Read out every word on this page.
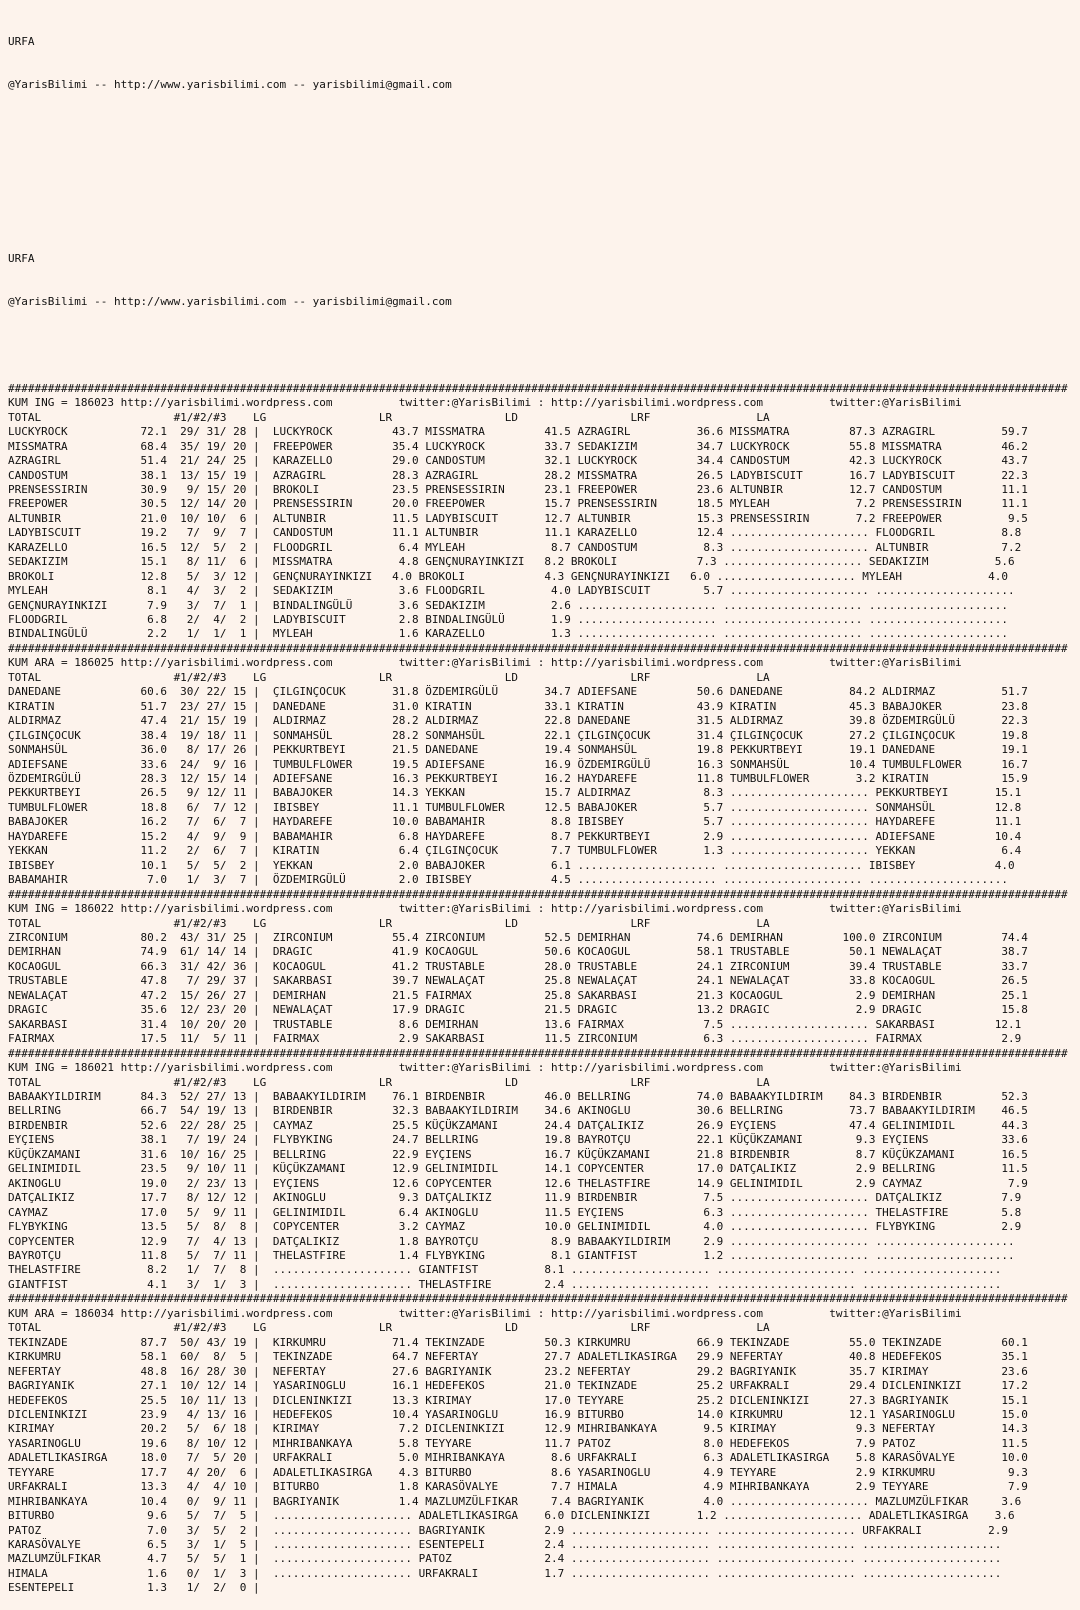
URFA

@YarisBilimi -- http://www.yarisbilimi.com -- yarisbilimi@gmail.com

URFA

@YarisBilimi -- http://www.yarisbilimi.com -- yarisbilimi@gmail.com

################################################################################################################################################################
KUM ING = 186023 http://yarisbilimi.wordpress.com          twitter:@YarisBilimi : http://yarisbilimi.wordpress.com          twitter:@YarisBilimi
TOTAL                    #1/#2/#3    LG                 LR                 LD                 LRF                LA
LUCKYROCK           72.1  29/ 31/ 28 |  LUCKYROCK         43.7 MISSMATRA         41.5 AZRAGIRL          36.6 MISSMATRA         87.3 AZRAGIRL          59.7
MISSMATRA           68.4  35/ 19/ 20 |  FREEPOWER         35.4 LUCKYROCK         33.7 SEDAKIZIM         34.7 LUCKYROCK         55.8 MISSMATRA         46.2
AZRAGIRL            51.4  21/ 24/ 25 |  KARAZELLO         29.0 CANDOSTUM         32.1 LUCKYROCK         34.4 CANDOSTUM         42.3 LUCKYROCK         43.7
CANDOSTUM           38.1  13/ 15/ 19 |  AZRAGIRL          28.3 AZRAGIRL          28.2 MISSMATRA         26.5 LADYBISCUIT       16.7 LADYBISCUIT       22.3
PRENSESSIRIN        30.9   9/ 15/ 20 |  BROKOLI           23.5 PRENSESSIRIN      23.1 FREEPOWER         23.6 ALTUNBIR          12.7 CANDOSTUM         11.1
FREEPOWER           30.5  12/ 14/ 20 |  PRENSESSIRIN      20.0 FREEPOWER         15.7 PRENSESSIRIN      18.5 MYLEAH             7.2 PRENSESSIRIN      11.1
ALTUNBIR            21.0  10/ 10/  6 |  ALTUNBIR          11.5 LADYBISCUIT       12.7 ALTUNBIR          15.3 PRENSESSIRIN       7.2 FREEPOWER          9.5
LADYBISCUIT         19.2   7/  9/  7 |  CANDOSTUM         11.1 ALTUNBIR          11.1 KARAZELLO         12.4 ..................... FLOODGRIL          8.8
KARAZELLO           16.5  12/  5/  2 |  FLOODGRIL          6.4 MYLEAH             8.7 CANDOSTUM          8.3 ..................... ALTUNBIR           7.2
SEDAKIZIM           15.1   8/ 11/  6 |  MISSMATRA          4.8 GENÇNURAYINKIZI   8.2 BROKOLI            7.3 ..................... SEDAKIZIM          5.6
BROKOLI             12.8   5/  3/ 12 |  GENÇNURAYINKIZI   4.0 BROKOLI            4.3 GENÇNURAYINKIZI   6.0 ..................... MYLEAH             4.0
MYLEAH               8.1   4/  3/  2 |  SEDAKIZIM          3.6 FLOODGRIL          4.0 LADYBISCUIT        5.7 ..................... .....................
GENÇNURAYINKIZI      7.9   3/  7/  1 |  BINDALINGÜLÜ       3.6 SEDAKIZIM          2.6 ..................... ..................... .....................
FLOODGRIL            6.8   2/  4/  2 |  LADYBISCUIT        2.8 BINDALINGÜLÜ       1.9 ..................... ..................... .....................
BINDALINGÜLÜ         2.2   1/  1/  1 |  MYLEAH             1.6 KARAZELLO          1.3 ..................... ..................... .....................
################################################################################################################################################################
KUM ARA = 186025 http://yarisbilimi.wordpress.com          twitter:@YarisBilimi : http://yarisbilimi.wordpress.com          twitter:@YarisBilimi
TOTAL                    #1/#2/#3    LG                 LR                 LD                 LRF                LA
DANEDANE            60.6  30/ 22/ 15 |  ÇILGINÇOCUK       31.8 ÖZDEMIRGÜLÜ       34.7 ADIEFSANE         50.6 DANEDANE          84.2 ALDIRMAZ          51.7
KIRATIN             51.7  23/ 27/ 15 |  DANEDANE          31.0 KIRATIN           33.1 KIRATIN           43.9 KIRATIN           45.3 BABAJOKER         23.8
ALDIRMAZ            47.4  21/ 15/ 19 |  ALDIRMAZ          28.2 ALDIRMAZ          22.8 DANEDANE          31.5 ALDIRMAZ          39.8 ÖZDEMIRGÜLÜ       22.3
ÇILGINÇOCUK         38.4  19/ 18/ 11 |  SONMAHSÜL         28.2 SONMAHSÜL         22.1 ÇILGINÇOCUK       31.4 ÇILGINÇOCUK       27.2 ÇILGINÇOCUK       19.8
SONMAHSÜL           36.0   8/ 17/ 26 |  PEKKURTBEYI       21.5 DANEDANE          19.4 SONMAHSÜL         19.8 PEKKURTBEYI       19.1 DANEDANE          19.1
ADIEFSANE           33.6  24/  9/ 16 |  TUMBULFLOWER      19.5 ADIEFSANE         16.9 ÖZDEMIRGÜLÜ       16.3 SONMAHSÜL         10.4 TUMBULFLOWER      16.7
ÖZDEMIRGÜLÜ         28.3  12/ 15/ 14 |  ADIEFSANE         16.3 PEKKURTBEYI       16.2 HAYDAREFE         11.8 TUMBULFLOWER       3.2 KIRATIN           15.9
PEKKURTBEYI         26.5   9/ 12/ 11 |  BABAJOKER         14.3 YEKKAN            15.7 ALDIRMAZ           8.3 ..................... PEKKURTBEYI       15.1
TUMBULFLOWER        18.8   6/  7/ 12 |  IBISBEY           11.1 TUMBULFLOWER      12.5 BABAJOKER          5.7 ..................... SONMAHSÜL         12.8
BABAJOKER           16.2   7/  6/  7 |  HAYDAREFE         10.0 BABAMAHIR          8.8 IBISBEY            5.7 ..................... HAYDAREFE         11.1
HAYDAREFE           15.2   4/  9/  9 |  BABAMAHIR          6.8 HAYDAREFE          8.7 PEKKURTBEYI        2.9 ..................... ADIEFSANE         10.4
YEKKAN              11.2   2/  6/  7 |  KIRATIN            6.4 ÇILGINÇOCUK        7.7 TUMBULFLOWER       1.3 ..................... YEKKAN             6.4
IBISBEY             10.1   5/  5/  2 |  YEKKAN             2.0 BABAJOKER          6.1 ..................... ..................... IBISBEY            4.0
BABAMAHIR            7.0   1/  3/  7 |  ÖZDEMIRGÜLÜ        2.0 IBISBEY            4.5 ..................... ..................... .....................
################################################################################################################################################################
KUM ING = 186022 http://yarisbilimi.wordpress.com          twitter:@YarisBilimi : http://yarisbilimi.wordpress.com          twitter:@YarisBilimi
TOTAL                    #1/#2/#3    LG                 LR                 LD                 LRF                LA
ZIRCONIUM           80.2  43/ 31/ 25 |  ZIRCONIUM         55.4 ZIRCONIUM         52.5 DEMIRHAN          74.6 DEMIRHAN         100.0 ZIRCONIUM         74.4
DEMIRHAN            74.9  61/ 14/ 14 |  DRAGIC            41.9 KOCAOGUL          50.6 KOCAOGUL          58.1 TRUSTABLE         50.1 NEWALAÇAT         38.7
KOCAOGUL            66.3  31/ 42/ 36 |  KOCAOGUL          41.2 TRUSTABLE         28.0 TRUSTABLE         24.1 ZIRCONIUM         39.4 TRUSTABLE         33.7
TRUSTABLE           47.8   7/ 29/ 37 |  SAKARBASI         39.7 NEWALAÇAT         25.8 NEWALAÇAT         24.1 NEWALAÇAT         33.8 KOCAOGUL          26.5
NEWALAÇAT           47.2  15/ 26/ 27 |  DEMIRHAN          21.5 FAIRMAX           25.8 SAKARBASI         21.3 KOCAOGUL           2.9 DEMIRHAN          25.1
DRAGIC              35.6  12/ 23/ 20 |  NEWALAÇAT         17.9 DRAGIC            21.5 DRAGIC            13.2 DRAGIC             2.9 DRAGIC            15.8
SAKARBASI           31.4  10/ 20/ 20 |  TRUSTABLE          8.6 DEMIRHAN          13.6 FAIRMAX            7.5 ..................... SAKARBASI         12.1
FAIRMAX             17.5  11/  5/ 11 |  FAIRMAX            2.9 SAKARBASI         11.5 ZIRCONIUM          6.3 ..................... FAIRMAX            2.9
################################################################################################################################################################
KUM ING = 186021 http://yarisbilimi.wordpress.com          twitter:@YarisBilimi : http://yarisbilimi.wordpress.com          twitter:@YarisBilimi
TOTAL                    #1/#2/#3    LG                 LR                 LD                 LRF                LA
BABAAKYILDIRIM      84.3  52/ 27/ 13 |  BABAAKYILDIRIM    76.1 BIRDENBIR         46.0 BELLRING          74.0 BABAAKYILDIRIM    84.3 BIRDENBIR         52.3
BELLRING            66.7  54/ 19/ 13 |  BIRDENBIR         32.3 BABAAKYILDIRIM    34.6 AKINOGLU          30.6 BELLRING          73.7 BABAAKYILDIRIM    46.5
BIRDENBIR           52.6  22/ 28/ 25 |  CAYMAZ            25.5 KÜÇÜKZAMANI       24.4 DATÇALIKIZ        26.9 EYÇIENS           47.4 GELINIMIDIL       44.3
EYÇIENS             38.1   7/ 19/ 24 |  FLYBYKING         24.7 BELLRING          19.8 BAYROTÇU          22.1 KÜÇÜKZAMANI        9.3 EYÇIENS           33.6
KÜÇÜKZAMANI         31.6  10/ 16/ 25 |  BELLRING          22.9 EYÇIENS           16.7 KÜÇÜKZAMANI       21.8 BIRDENBIR          8.7 KÜÇÜKZAMANI       16.5
GELINIMIDIL         23.5   9/ 10/ 11 |  KÜÇÜKZAMANI       12.9 GELINIMIDIL       14.1 COPYCENTER        17.0 DATÇALIKIZ         2.9 BELLRING          11.5
AKINOGLU            19.0   2/ 23/ 13 |  EYÇIENS           12.6 COPYCENTER        12.6 THELASTFIRE       14.9 GELINIMIDIL        2.9 CAYMAZ             7.9
DATÇALIKIZ          17.7   8/ 12/ 12 |  AKINOGLU           9.3 DATÇALIKIZ        11.9 BIRDENBIR          7.5 ..................... DATÇALIKIZ         7.9
CAYMAZ              17.0   5/  9/ 11 |  GELINIMIDIL        6.4 AKINOGLU          11.5 EYÇIENS            6.3 ..................... THELASTFIRE        5.8
FLYBYKING           13.5   5/  8/  8 |  COPYCENTER         3.2 CAYMAZ            10.0 GELINIMIDIL        4.0 ..................... FLYBYKING          2.9
COPYCENTER          12.9   7/  4/ 13 |  DATÇALIKIZ         1.8 BAYROTÇU           8.9 BABAAKYILDIRIM     2.9 ..................... .....................
BAYROTÇU            11.8   5/  7/ 11 |  THELASTFIRE        1.4 FLYBYKING          8.1 GIANTFIST          1.2 ..................... .....................
THELASTFIRE          8.2   1/  7/  8 |  ..................... GIANTFIST          8.1 ..................... ..................... .....................
GIANTFIST            4.1   3/  1/  3 |  ..................... THELASTFIRE        2.4 ..................... ..................... .....................
################################################################################################################################################################
KUM ARA = 186034 http://yarisbilimi.wordpress.com          twitter:@YarisBilimi : http://yarisbilimi.wordpress.com          twitter:@YarisBilimi
TOTAL                    #1/#2/#3    LG                 LR                 LD                 LRF                LA
TEKINZADE           87.7  50/ 43/ 19 |  KIRKUMRU          71.4 TEKINZADE         50.3 KIRKUMRU          66.9 TEKINZADE         55.0 TEKINZADE         60.1
KIRKUMRU            58.1  60/  8/  5 |  TEKINZADE         64.7 NEFERTAY          27.7 ADALETLIKASIRGA   29.9 NEFERTAY          40.8 HEDEFEKOS         35.1
NEFERTAY            48.8  16/ 28/ 30 |  NEFERTAY          27.6 BAGRIYANIK        23.2 NEFERTAY          29.2 BAGRIYANIK        35.7 KIRIMAY           23.6
BAGRIYANIK          27.1  10/ 12/ 14 |  YASARINOGLU       16.1 HEDEFEKOS         21.0 TEKINZADE         25.2 URFAKRALI         29.4 DICLENINKIZI      17.2
HEDEFEKOS           25.5  10/ 11/ 13 |  DICLENINKIZI      13.3 KIRIMAY           17.0 TEYYARE           25.2 DICLENINKIZI      27.3 BAGRIYANIK        15.1
DICLENINKIZI        23.9   4/ 13/ 16 |  HEDEFEKOS         10.4 YASARINOGLU       16.9 BITURBO           14.0 KIRKUMRU          12.1 YASARINOGLU       15.0
KIRIMAY             20.2   5/  6/ 18 |  KIRIMAY            7.2 DICLENINKIZI      12.9 MIHRIBANKAYA       9.5 KIRIMAY            9.3 NEFERTAY          14.3
YASARINOGLU         19.6   8/ 10/ 12 |  MIHRIBANKAYA       5.8 TEYYARE           11.7 PATOZ              8.0 HEDEFEKOS          7.9 PATOZ             11.5
ADALETLIKASIRGA     18.0   7/  5/ 20 |  URFAKRALI          5.0 MIHRIBANKAYA       8.6 URFAKRALI          6.3 ADALETLIKASIRGA    5.8 KARASÖVALYE       10.0
TEYYARE             17.7   4/ 20/  6 |  ADALETLIKASIRGA    4.3 BITURBO            8.6 YASARINOGLU        4.9 TEYYARE            2.9 KIRKUMRU           9.3
URFAKRALI           13.3   4/  4/ 10 |  BITURBO            1.8 KARASÖVALYE        7.7 HIMALA             4.9 MIHRIBANKAYA       2.9 TEYYARE            7.9
MIHRIBANKAYA        10.4   0/  9/ 11 |  BAGRIYANIK         1.4 MAZLUMZÜLFIKAR     7.4 BAGRIYANIK         4.0 ..................... MAZLUMZÜLFIKAR     3.6
BITURBO              9.6   5/  7/  5 |  ..................... ADALETLIKASIRGA    6.0 DICLENINKIZI       1.2 ..................... ADALETLIKASIRGA    3.6
PATOZ                7.0   3/  5/  2 |  ..................... BAGRIYANIK         2.9 ..................... ..................... URFAKRALI          2.9
KARASÖVALYE          6.5   3/  1/  5 |  ..................... ESENTEPELI         2.4 ..................... ..................... .....................
MAZLUMZÜLFIKAR       4.7   5/  5/  1 |  ..................... PATOZ              2.4 ..................... ..................... .....................
HIMALA               1.6   0/  1/  3 |  ..................... URFAKRALI          1.7 ..................... ..................... .....................
ESENTEPELI           1.3   1/  2/  0 |
